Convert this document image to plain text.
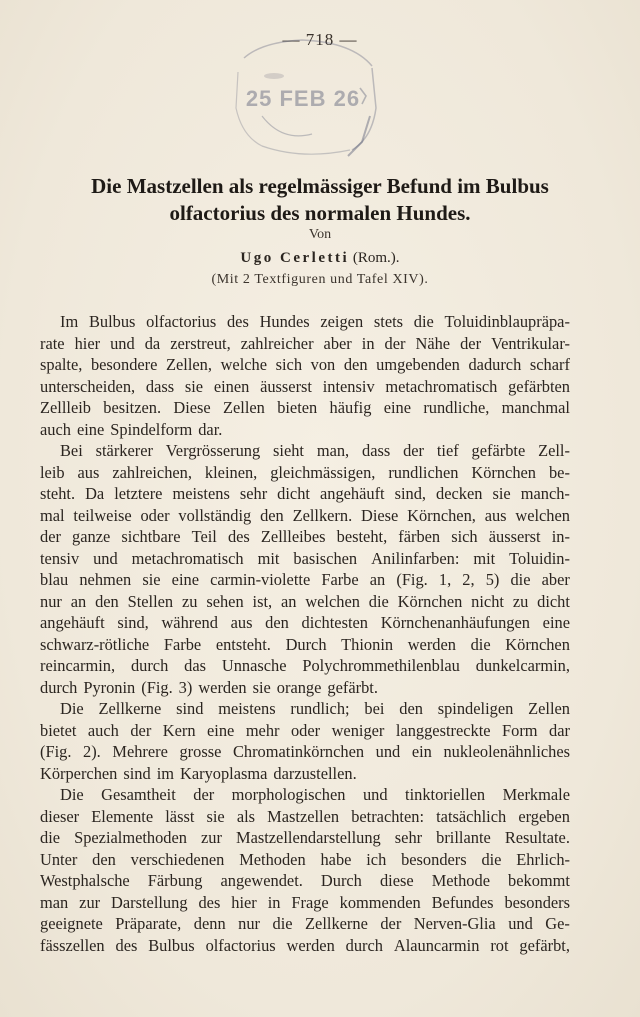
— 718 —
25 FEB 26
Die Mastzellen als regelmässiger Befund im Bulbus
olfactorius des normalen Hundes.
Von
Ugo Cerletti (Rom.).
(Mit 2 Textfiguren und Tafel XIV).
Im Bulbus olfactorius des Hundes zeigen stets die Toluidinblaupräpa-
rate hier und da zerstreut, zahlreicher aber in der Nähe der Ventrikular-
spalte, besondere Zellen, welche sich von den umgebenden dadurch scharf
unterscheiden, dass sie einen äusserst intensiv metachromatisch gefärbten
Zellleib besitzen. Diese Zellen bieten häufig eine rundliche, manchmal
auch eine Spindelform dar.
Bei stärkerer Vergrösserung sieht man, dass der tief gefärbte Zell-
leib aus zahlreichen, kleinen, gleichmässigen, rundlichen Körnchen be-
steht. Da letztere meistens sehr dicht angehäuft sind, decken sie manch-
mal teilweise oder vollständig den Zellkern. Diese Körnchen, aus welchen
der ganze sichtbare Teil des Zellleibes besteht, färben sich äusserst in-
tensiv und metachromatisch mit basischen Anilinfarben: mit Toluidin-
blau nehmen sie eine carmin-violette Farbe an (Fig. 1, 2, 5) die aber
nur an den Stellen zu sehen ist, an welchen die Körnchen nicht zu dicht
angehäuft sind, während aus den dichtesten Körnchenanhäufungen eine
schwarz-rötliche Farbe entsteht. Durch Thionin werden die Körnchen
reincarmin, durch das Unnasche Polychrommethilenblau dunkelcarmin,
durch Pyronin (Fig. 3) werden sie orange gefärbt.
Die Zellkerne sind meistens rundlich; bei den spindeligen Zellen
bietet auch der Kern eine mehr oder weniger langgestreckte Form dar
(Fig. 2). Mehrere grosse Chromatinkörnchen und ein nukleolenähnliches
Körperchen sind im Karyoplasma darzustellen.
Die Gesamtheit der morphologischen und tinktoriellen Merkmale
dieser Elemente lässt sie als Mastzellen betrachten: tatsächlich ergeben
die Spezialmethoden zur Mastzellendarstellung sehr brillante Resultate.
Unter den verschiedenen Methoden habe ich besonders die Ehrlich-
Westphalsche Färbung angewendet. Durch diese Methode bekommt
man zur Darstellung des hier in Frage kommenden Befundes besonders
geeignete Präparate, denn nur die Zellkerne der Nerven-Glia und Ge-
fässzellen des Bulbus olfactorius werden durch Alauncarmin rot gefärbt,
